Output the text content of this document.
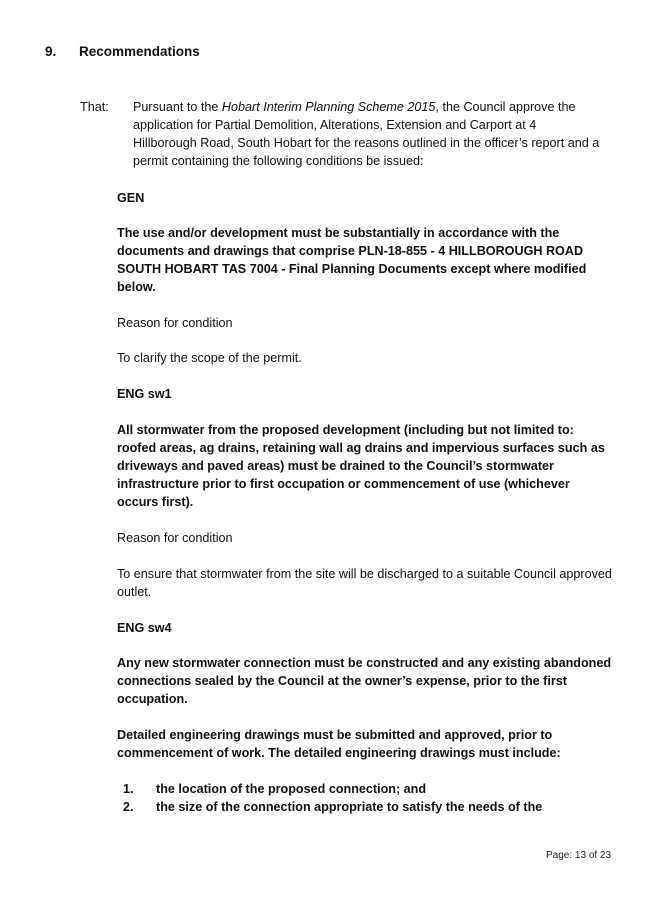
9. Recommendations
That: Pursuant to the Hobart Interim Planning Scheme 2015, the Council approve the application for Partial Demolition, Alterations, Extension and Carport at 4 Hillborough Road, South Hobart for the reasons outlined in the officer’s report and a permit containing the following conditions be issued:
GEN
The use and/or development must be substantially in accordance with the documents and drawings that comprise PLN-18-855 - 4 HILLBOROUGH ROAD SOUTH HOBART TAS 7004 - Final Planning Documents except where modified below.
Reason for condition
To clarify the scope of the permit.
ENG sw1
All stormwater from the proposed development (including but not limited to: roofed areas, ag drains, retaining wall ag drains and impervious surfaces such as driveways and paved areas) must be drained to the Council’s stormwater infrastructure prior to first occupation or commencement of use (whichever occurs first).
Reason for condition
To ensure that stormwater from the site will be discharged to a suitable Council approved outlet.
ENG sw4
Any new stormwater connection must be constructed and any existing abandoned connections sealed by the Council at the owner’s expense, prior to the first occupation.
Detailed engineering drawings must be submitted and approved, prior to commencement of work. The detailed engineering drawings must include:
1. the location of the proposed connection; and
2. the size of the connection appropriate to satisfy the needs of the
Page: 13 of 23
